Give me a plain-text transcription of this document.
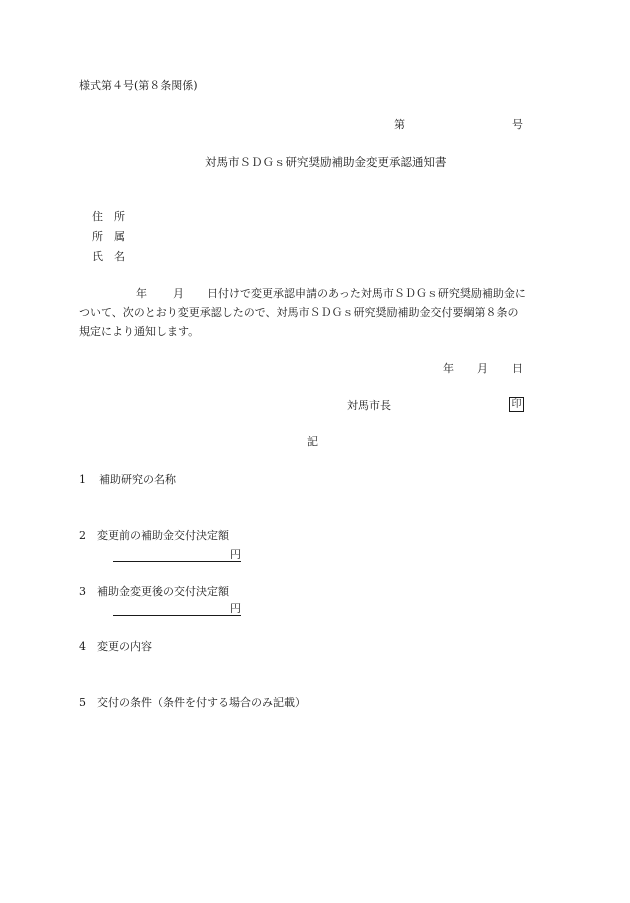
様式第４号(第８条関係)
第	号
対馬市ＳＤＧｓ研究奨励補助金変更承認通知書
住　所
所　属
氏　名
年 月 日付けで変更承認申請のあった対馬市ＳＤＧｓ研究奨励補助金に
ついて、次のとおり変更承認したので、対馬市ＳＤＧｓ研究奨励補助金交付要綱第８条の
規定により通知します。
年 月 日
対馬市長	印
記
1 補助研究の名称
2 変更前の補助金交付決定額
円
3 補助金変更後の交付決定額
円
4 変更の内容
5 交付の条件（条件を付する場合のみ記載）
